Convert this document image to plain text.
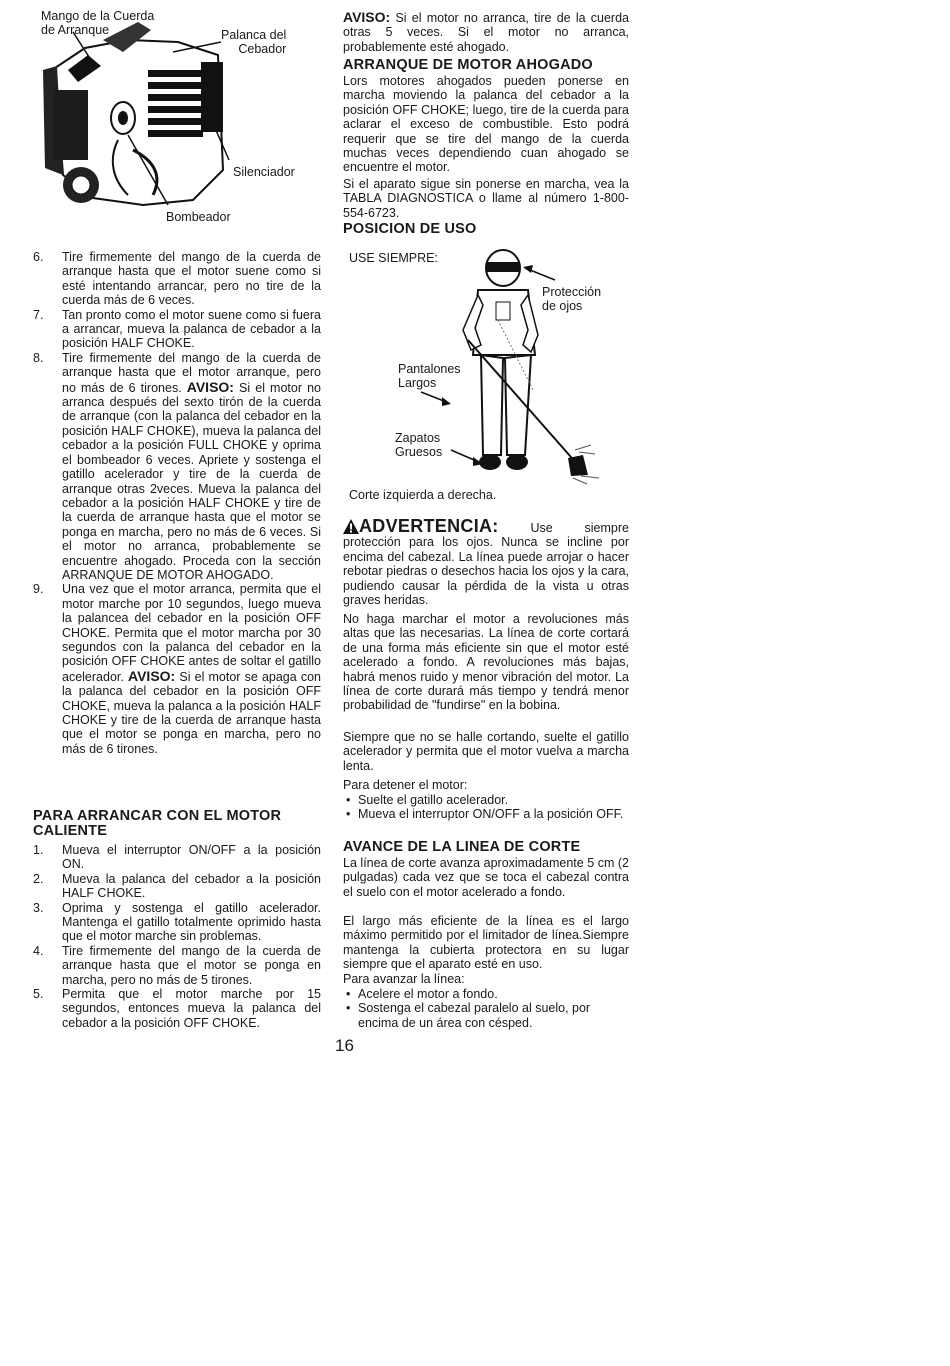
Mango de la Cuerda
de Arranque	Palanca del
Cebador
Silenciador
Bombeador
6. Tire firmemente del mango de la cuerda de arranque hasta que el motor suene como si esté intentando arrancar, pero no tire de la cuerda más de 6 veces.
7. Tan pronto como el motor suene como si fuera a arrancar, mueva la palanca de cebador a la posición HALF CHOKE.
8. Tire firmemente del mango de la cuerda de arranque hasta que el motor arranque, pero no más de 6 tirones. AVISO: Si el motor no arranca después del sexto tirón de la cuerda de arranque (con la palanca del cebador en la posición HALF CHOKE), mueva la palanca del cebador a la posición FULL CHOKE y oprima el bombeador 6 veces. Apriete y sostenga el gatillo acelerador y tire de la cuerda de arranque otras 2veces. Mueva la palanca del cebador a la posición HALF CHOKE y tire de la cuerda de arranque hasta que el motor se ponga en marcha, pero no más de 6 veces. Si el motor no arranca, probablemente se encuentre ahogado. Proceda con la sección ARRANQUE DE MOTOR AHOGADO.
9. Una vez que el motor arranca, permita que el motor marche por 10 segundos, luego mueva la palancea del cebador en la posición OFF CHOKE. Permita que el motor marcha por 30 segundos con la palanca del cebador en la posición OFF CHOKE antes de soltar el gatillo acelerador. AVISO: Si el motor se apaga con la palanca del cebador en la posición OFF CHOKE, mueva la palanca a la posición HALF CHOKE y tire de la cuerda de arranque hasta que el motor se ponga en marcha, pero no más de 6 tirones.
PARA ARRANCAR CON EL MOTOR CALIENTE
1. Mueva el interruptor ON/OFF a la posición ON.
2. Mueva la palanca del cebador a la posición HALF CHOKE.
3. Oprima y sostenga el gatillo acelerador. Mantenga el gatillo totalmente oprimido hasta que el motor marche sin problemas.
4. Tire firmemente del mango de la cuerda de arranque hasta que el motor se ponga en marcha, pero no más de 5 tirones.
5. Permita que el motor marche por 15 segundos, entonces mueva la palanca del cebador a la posición OFF CHOKE.

AVISO: Si el motor no arranca, tire de la cuerda otras 5 veces. Si el motor no arranca, probablemente esté ahogado.

ARRANQUE DE MOTOR AHOGADO

Lors motores ahogados pueden ponerse en marcha moviendo la palanca del cebador a la posición OFF CHOKE; luego, tire de la cuerda para aclarar el exceso de combustible. Esto podrá requerir que se tire del mango de la cuerda muchas veces dependiendo cuan ahogado se encuentre el motor.

Si el aparato sigue sin ponerse en marcha, vea la TABLA DIAGNOSTICA o llame al número 1-800-554-6723.

POSICION DE USO
USE SIEMPRE:
Protección
de ojos
Pantalones
Largos
Zapatos
Gruesos
Corte izquierda a derecha.

ADVERTENCIA:	Use siempre protección para los ojos. Nunca se incline por encima del cabezal. La línea puede arrojar o hacer rebotar piedras o desechos hacia los ojos y la cara, pudiendo causar la pérdida de la vista u otras graves heridas.

No haga marchar el motor a revoluciones más altas que las necesarias. La línea de corte cortará de una forma más eficiente sin que el motor esté acelerado a fondo. A revoluciones más bajas, habrá menos ruido y menor vibración del motor. La línea de corte durará más tiempo y tendrá menor probabilidad de "fundirse" en la bobina.

Siempre que no se halle cortando, suelte el gatillo acelerador y permita que el motor vuelva a marcha lenta.

Para detener el motor:

• Suelte el gatillo acelerador.
• Mueva el interruptor ON/OFF a la posición OFF.
AVANCE DE LA LINEA DE CORTE

La línea de corte avanza aproximadamente 5 cm (2 pulgadas) cada vez que se toca el cabezal contra el suelo con el motor acelerado a fondo.

El largo más eficiente de la línea es el largo máximo permitido por el limitador de línea.Siempre mantenga la cubierta protectora en su lugar siempre que el aparato esté en uso.

Para avanzar la línea:

• Acelere el motor a fondo.
• Sostenga el cabezal paralelo al suelo, por encima de un área con césped.
16
